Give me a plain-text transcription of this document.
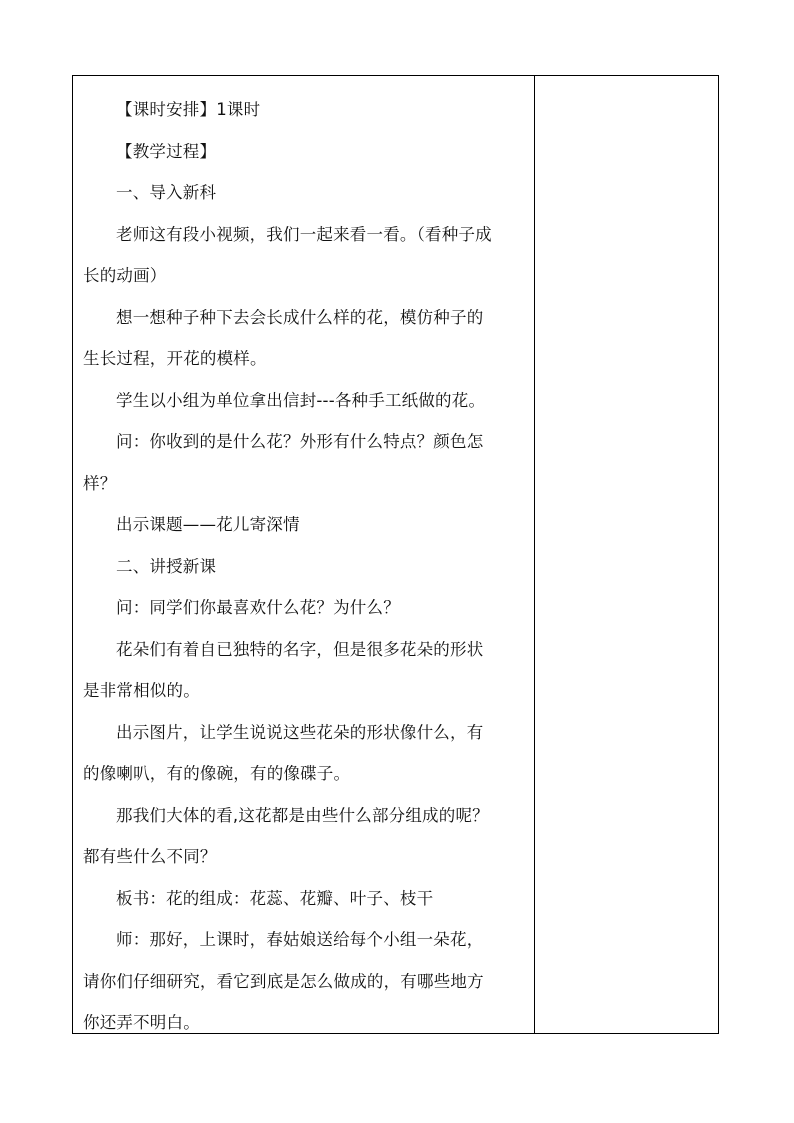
【课时安排】1课时

【教学过程】

一、导入新科

老师这有段小视频，我们一起来看一看。（看种子成
长的动画）

想一想种子种下去会长成什么样的花，模仿种子的
生长过程，开花的模样。

学生以小组为单位拿出信封---各种手工纸做的花。

问：你收到的是什么花？外形有什么特点？颜色怎
样？

出示课题——花儿寄深情

二、讲授新课

问：同学们你最喜欢什么花？为什么？

花朵们有着自已独特的名字，但是很多花朵的形状
是非常相似的。

出示图片，让学生说说这些花朵的形状像什么，有
的像喇叭，有的像碗，有的像碟子。

那我们大体的看,这花都是由些什么部分组成的呢？
都有些什么不同？

板书：花的组成：花蕊、花瓣、叶子、枝干

师：那好，上课时，春姑娘送给每个小组一朵花，
请你们仔细研究，看它到底是怎么做成的，有哪些地方
你还弄不明白。
